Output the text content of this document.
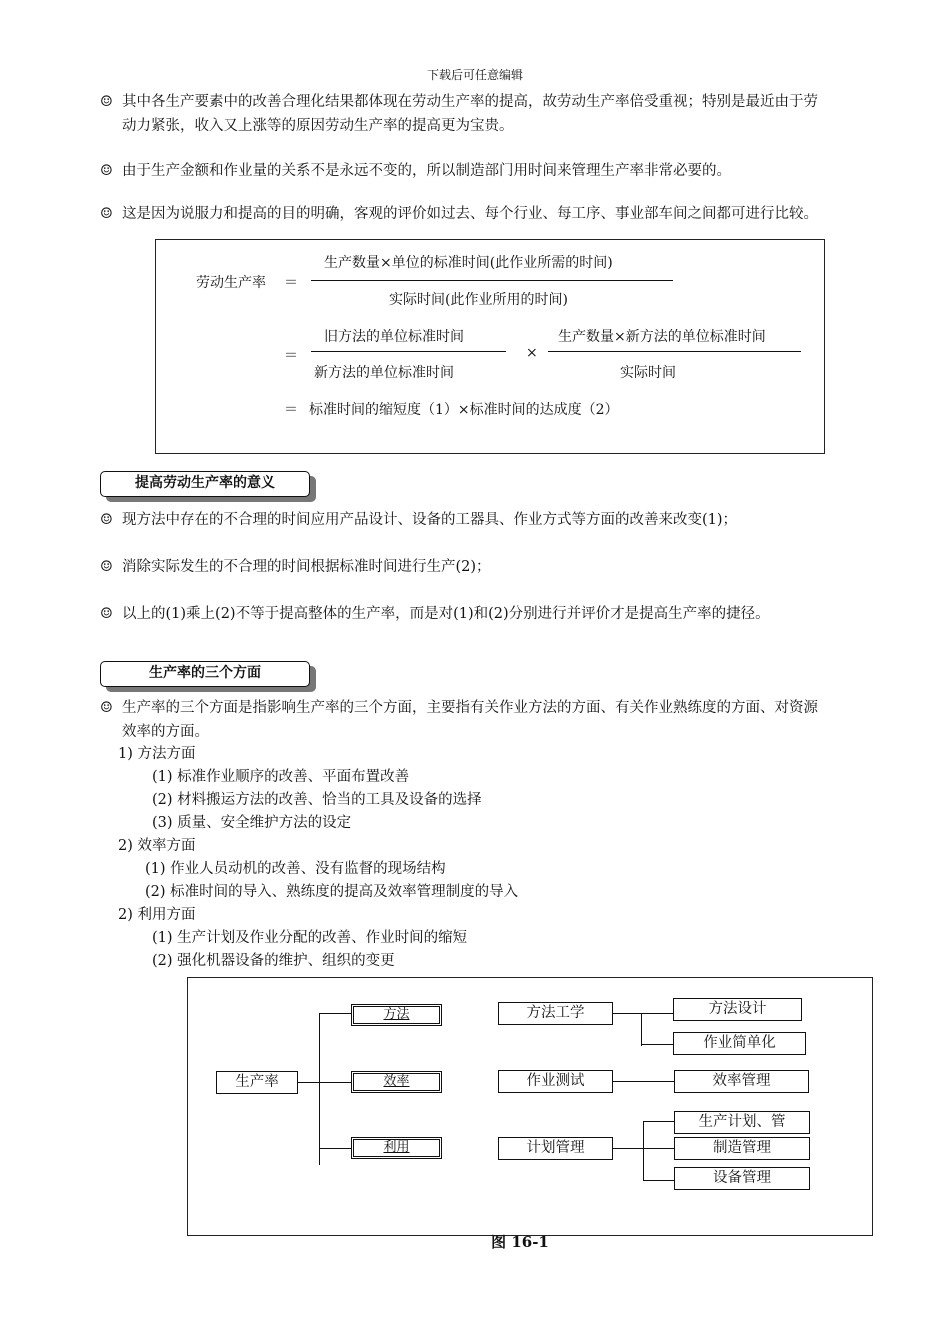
下载后可任意编辑
☺ 其中各生产要素中的改善合理化结果都体现在劳动生产率的提高，故劳动生产率倍受重视；特别是最近由于劳
动力紧张，收入又上涨等的原因劳动生产率的提高更为宝贵。
☺ 由于生产金额和作业量的关系不是永远不变的，所以制造部门用时间来管理生产率非常必要的。
☺ 这是因为说服力和提高的目的明确，客观的评价如过去、每个行业、每工序、事业部车间之间都可进行比较。
劳动生产率 ＝
生产数量×单位的标准时间(此作业所需的时间)
实际时间(此作业所用的时间)
＝
旧方法的单位标准时间
新方法的单位标准时间
×
生产数量×新方法的单位标准时间
实际时间
＝ 标准时间的缩短度（1）×标准时间的达成度（2）
提高劳动生产率的意义
☺ 现方法中存在的不合理的时间应用产品设计、设备的工器具、作业方式等方面的改善来改变(1)；
☺ 消除实际发生的不合理的时间根据标准时间进行生产(2)；
☺ 以上的(1)乘上(2)不等于提高整体的生产率，而是对(1)和(2)分别进行并评价才是提高生产率的捷径。
生产率的三个方面
☺ 生产率的三个方面是指影响生产率的三个方面，主要指有关作业方法的方面、有关作业熟练度的方面、对资源
效率的方面。
1) 方法方面
(1) 标准作业顺序的改善、平面布置改善
(2) 材料搬运方法的改善、恰当的工具及设备的选择
(3) 质量、安全维护方法的设定
2) 效率方面
(1) 作业人员动机的改善、没有监督的现场结构
(2) 标准时间的导入、熟练度的提高及效率管理制度的导入
2) 利用方面
(1) 生产计划及作业分配的改善、作业时间的缩短
(2) 强化机器设备的维护、组织的变更
生产率
方法
效率
利用
方法工学
作业测试
计划管理
方法设计
作业简单化
效率管理
生产计划、管
制造管理
设备管理
图 16-1
